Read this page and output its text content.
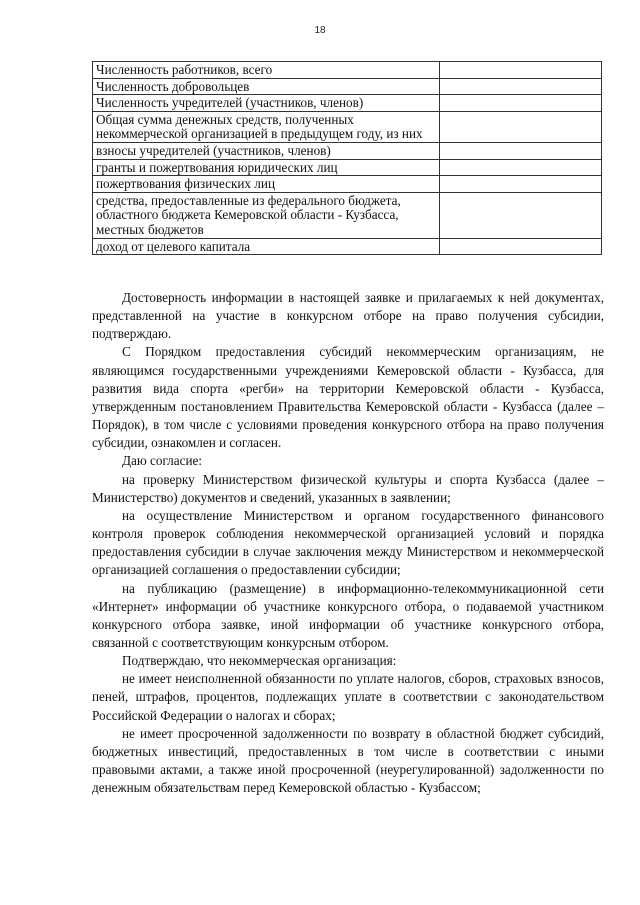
18
Численность работников, всего	
Численность добровольцев	
Численность учредителей (участников, членов)	
Общая сумма денежных средств, полученных некоммерческой организацией в предыдущем году, из них	
взносы учредителей (участников, членов)	
гранты и пожертвования юридических лиц	
пожертвования физических лиц	
средства, предоставленные из федерального бюджета, областного бюджета Кемеровской области - Кузбасса, местных бюджетов	
доход от целевого капитала	

Достоверность информации в настоящей заявке и прилагаемых к ней документах, представленной на участие в конкурсном отборе на право получения субсидии, подтверждаю.

С Порядком предоставления субсидий некоммерческим организациям, не являющимся государственными учреждениями Кемеровской области - Кузбасса, для развития вида спорта «регби» на территории Кемеровской области - Кузбасса, утвержденным постановлением Правительства Кемеровской области - Кузбасса (далее – Порядок), в том числе с условиями проведения конкурсного отбора на право получения субсидии, ознакомлен и согласен.

Даю согласие:

на проверку Министерством физической культуры и спорта Кузбасса (далее – Министерство) документов и сведений, указанных в заявлении;

на осуществление Министерством и органом государственного финансового контроля проверок соблюдения некоммерческой организацией условий и порядка предоставления субсидии в случае заключения между Министерством и некоммерческой организацией соглашения о предоставлении субсидии;

на публикацию (размещение) в информационно-телекоммуникационной сети «Интернет» информации об участнике конкурсного отбора, о подаваемой участником конкурсного отбора заявке, иной информации об участнике конкурсного отбора, связанной с соответствующим конкурсным отбором.

Подтверждаю, что некоммерческая организация:

не имеет неисполненной обязанности по уплате налогов, сборов, страховых взносов, пеней, штрафов, процентов, подлежащих уплате в соответствии с законодательством Российской Федерации о налогах и сборах;

не имеет просроченной задолженности по возврату в областной бюджет субсидий, бюджетных инвестиций, предоставленных в том числе в соответствии с иными правовыми актами, а также иной просроченной (неурегулированной) задолженности по денежным обязательствам перед Кемеровской областью - Кузбассом;
